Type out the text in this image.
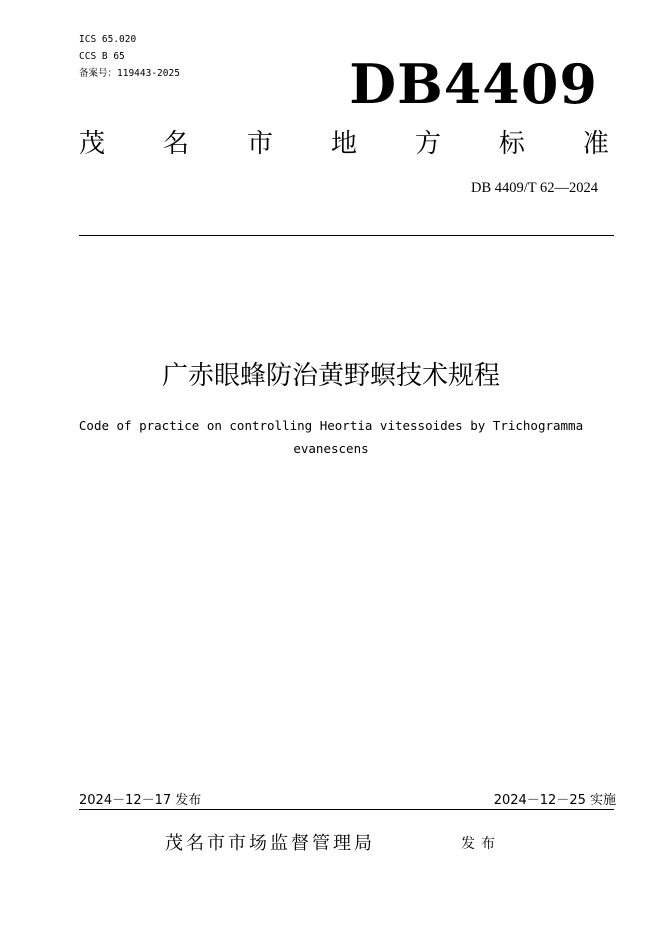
ICS 65.020
CCS B 65
备案号：119443-2025	DB4409
茂 名 市 地 方 标 准
DB 4409/T 62—2024
广赤眼蜂防治黄野螟技术规程
Code of practice on controlling Heortia vitessoides by Trichogramma evanescens
2024－12－17 发布	2024－12－25 实施
茂名市市场监督管理局	发布
